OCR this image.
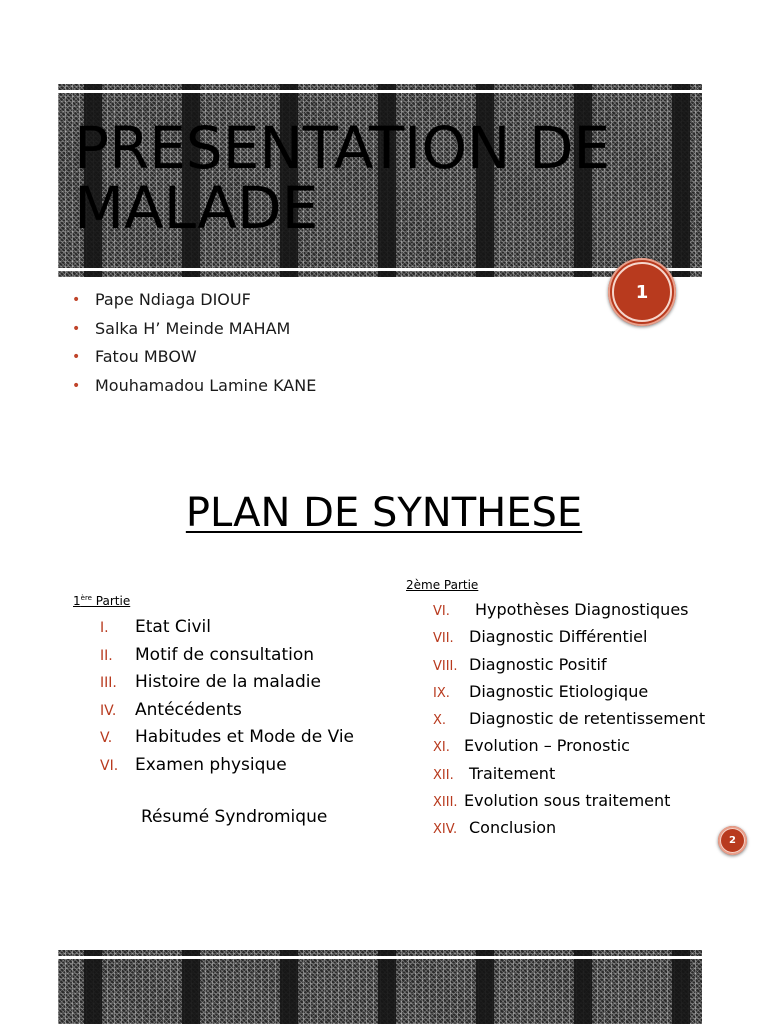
PRESENTATION DE MALADE
1
• Pape Ndiaga DIOUF
• Salka H’ Meinde MAHAM
• Fatou MBOW
• Mouhamadou Lamine KANE
PLAN DE SYNTHESE
1ère Partie
I. Etat Civil
II. Motif de consultation
III. Histoire de la maladie
IV. Antécédents
V. Habitudes et Mode de Vie
VI. Examen physique
Résumé Syndromique
2ème Partie
VI. Hypothèses Diagnostiques
VII. Diagnostic Différentiel
VIII. Diagnostic Positif
IX. Diagnostic Etiologique
X. Diagnostic de retentissement
XI. Evolution – Pronostic
XII. Traitement
XIII. Evolution sous traitement
XIV. Conclusion
2
